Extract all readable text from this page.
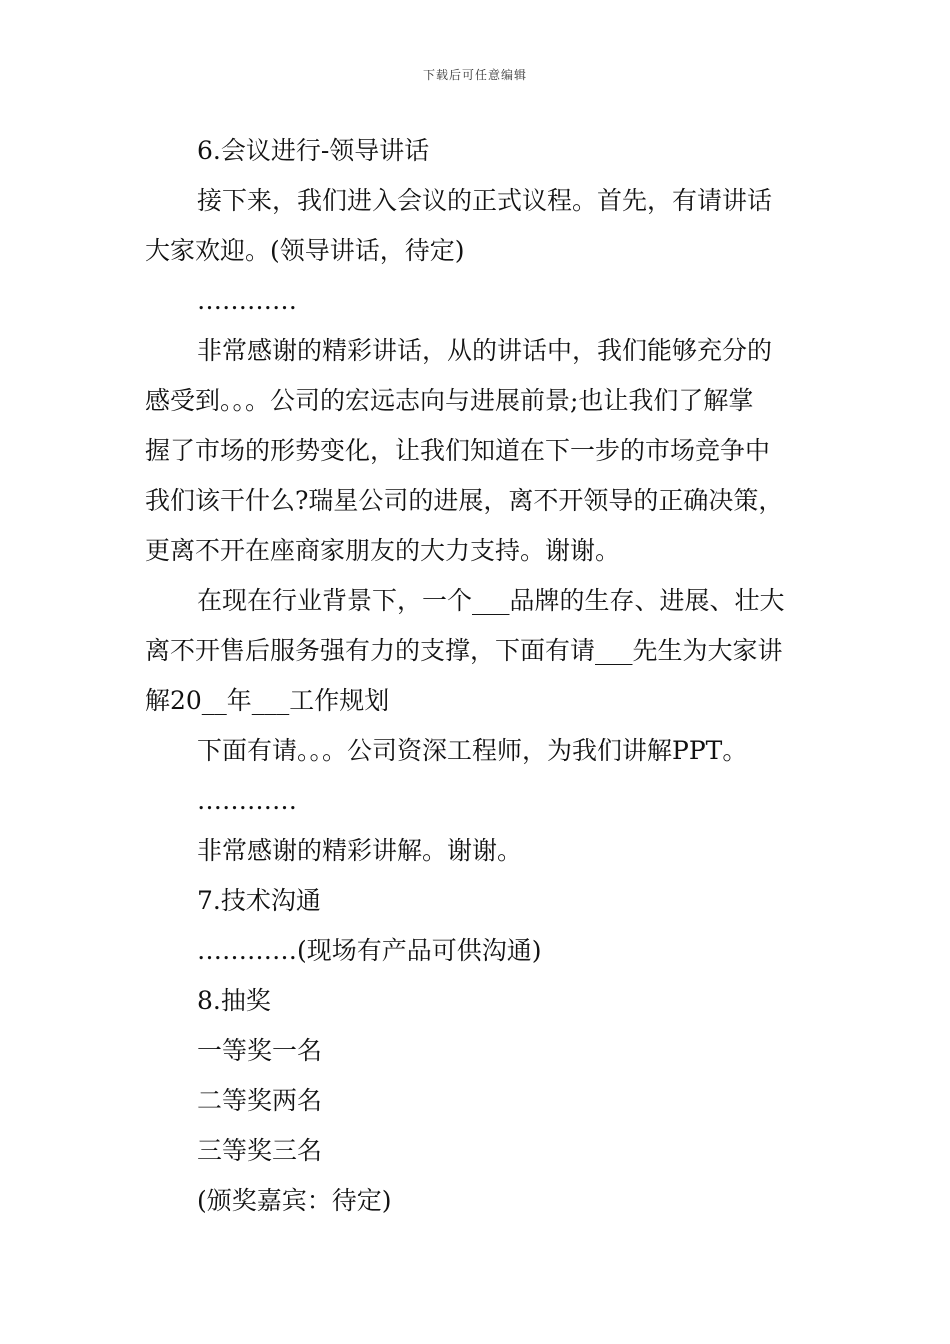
下载后可任意编辑
6.会议进行-领导讲话
接下来，我们进入会议的正式议程。首先，有请讲话
大家欢迎。(领导讲话，待定)
…………
非常感谢的精彩讲话，从的讲话中，我们能够充分的
感受到。。。公司的宏远志向与进展前景;也让我们了解掌
握了市场的形势变化，让我们知道在下一步的市场竞争中
我们该干什么?瑞星公司的进展，离不开领导的正确决策，
更离不开在座商家朋友的大力支持。谢谢。
在现在行业背景下，一个___品牌的生存、进展、壮大
离不开售后服务强有力的支撑，下面有请___先生为大家讲
解20__年___工作规划
下面有请。。。公司资深工程师，为我们讲解PPT。
…………
非常感谢的精彩讲解。谢谢。
7.技术沟通
…………(现场有产品可供沟通)
8.抽奖
一等奖一名
二等奖两名
三等奖三名
(颁奖嘉宾：待定)
